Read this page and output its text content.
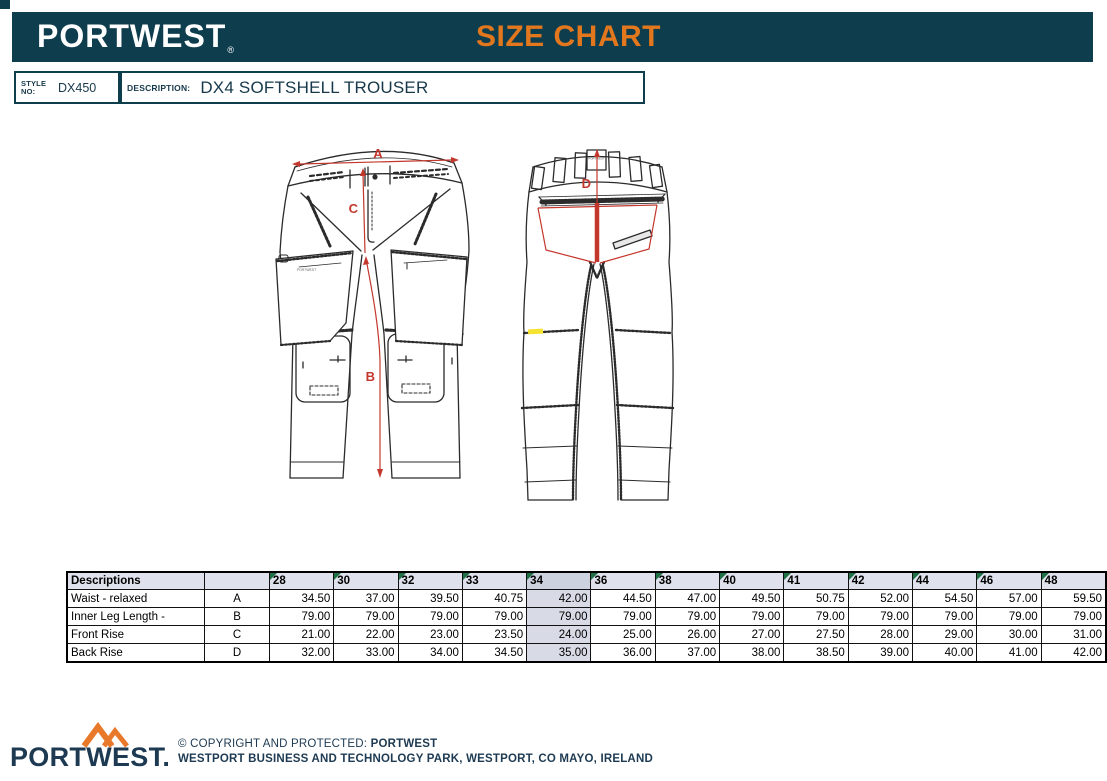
PORTWEST®	SIZE CHART
STYLE NO:	DX450	DESCRIPTION: DX4 SOFTSHELL TROUSER
PORTWEST
A
C
B
PORTWEST
D
Descriptions		28	30	32	33	34	36	38	40	41	42	44	46	48
Waist - relaxed	A	34.50	37.00	39.50	40.75	42.00	44.50	47.00	49.50	50.75	52.00	54.50	57.00	59.50
Inner Leg Length -	B	79.00	79.00	79.00	79.00	79.00	79.00	79.00	79.00	79.00	79.00	79.00	79.00	79.00
Front Rise	C	21.00	22.00	23.00	23.50	24.00	25.00	26.00	27.00	27.50	28.00	29.00	30.00	31.00
Back Rise	D	32.00	33.00	34.00	34.50	35.00	36.00	37.00	38.00	38.50	39.00	40.00	41.00	42.00
PORTWEST. © COPYRIGHT AND PROTECTED: PORTWEST
WESTPORT BUSINESS AND TECHNOLOGY PARK, WESTPORT, CO MAYO, IRELAND
